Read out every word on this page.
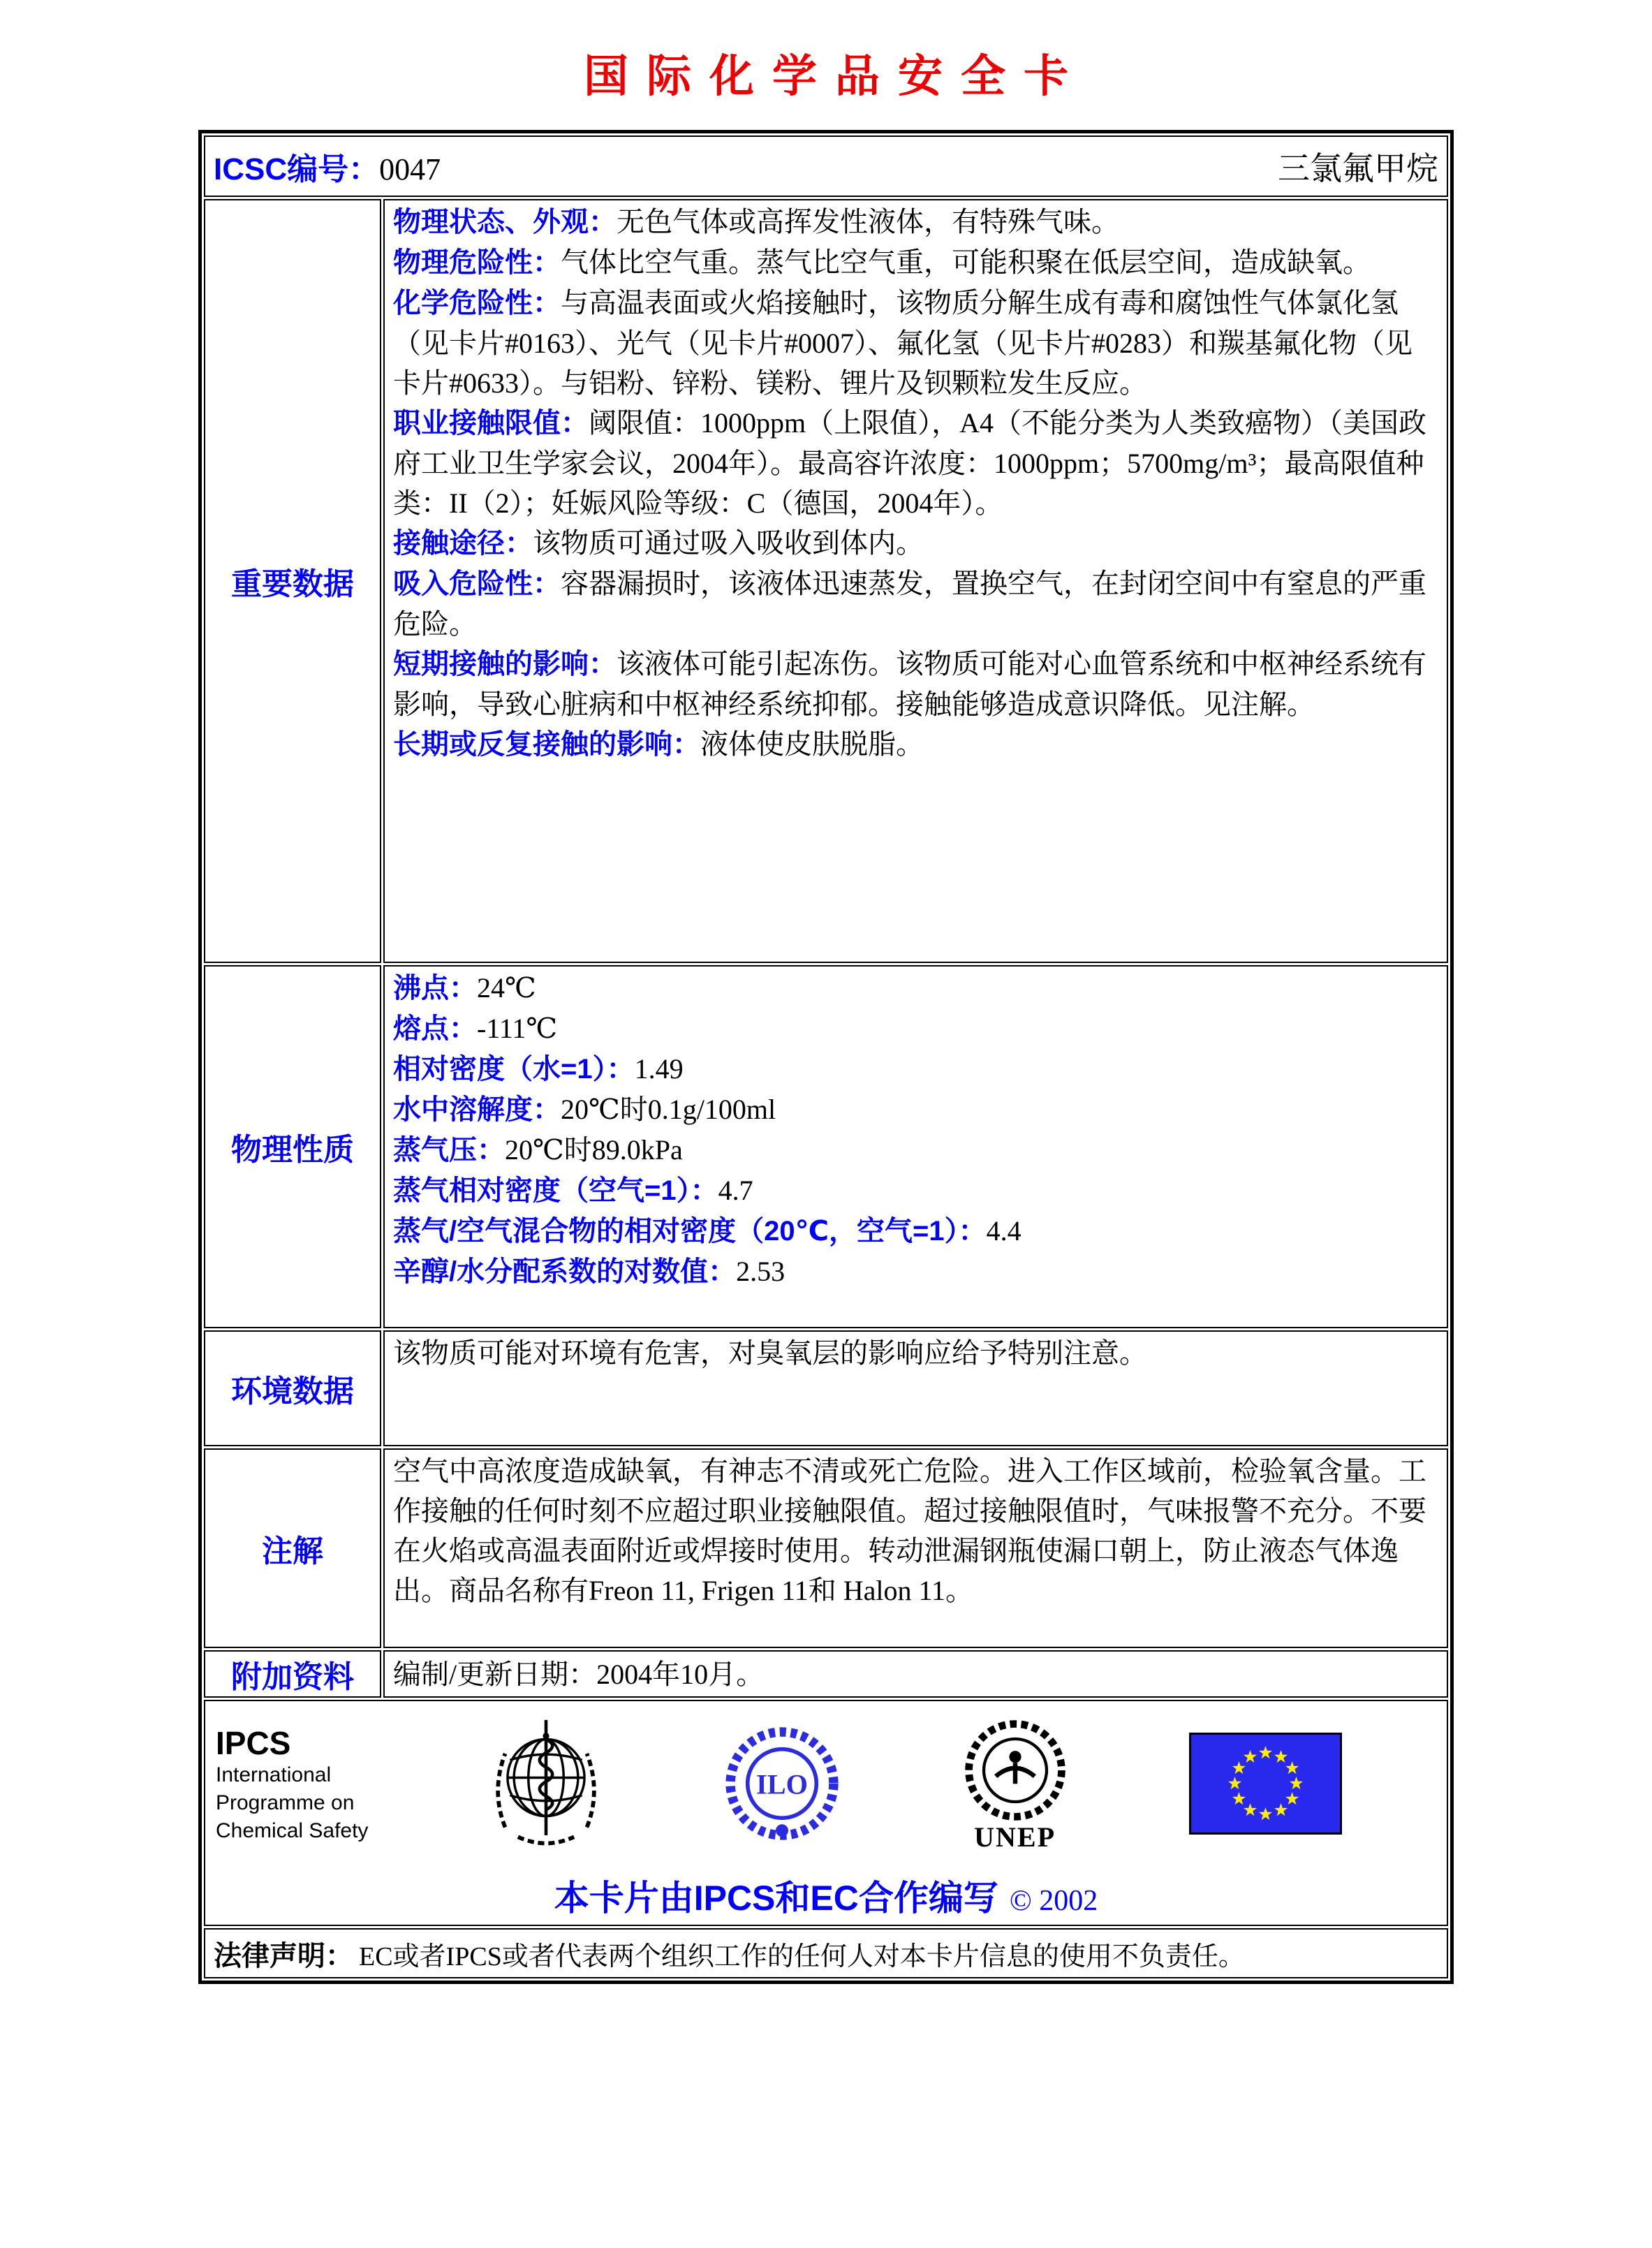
国际化学品安全卡
ICSC编号：0047	三氯氟甲烷
重要数据
物理状态、外观：无色气体或高挥发性液体，有特殊气味。
物理危险性：气体比空气重。蒸气比空气重，可能积聚在低层空间，造成缺氧。
化学危险性：与高温表面或火焰接触时，该物质分解生成有毒和腐蚀性气体氯化氢（见卡片#0163）、光气（见卡片#0007）、氟化氢（见卡片#0283）和羰基氟化物（见卡片#0633）。与铝粉、锌粉、镁粉、锂片及钡颗粒发生反应。
职业接触限值：阈限值：1000ppm（上限值），A4（不能分类为人类致癌物）（美国政府工业卫生学家会议，2004年）。最高容许浓度：1000ppm；5700mg/m³；最高限值种类：II（2）；妊娠风险等级：C（德国，2004年）。
接触途径：该物质可通过吸入吸收到体内。
吸入危险性：容器漏损时，该液体迅速蒸发，置换空气，在封闭空间中有窒息的严重危险。
短期接触的影响：该液体可能引起冻伤。该物质可能对心血管系统和中枢神经系统有影响，导致心脏病和中枢神经系统抑郁。接触能够造成意识降低。见注解。
长期或反复接触的影响：液体使皮肤脱脂。
物理性质
沸点：24℃
熔点：-111℃
相对密度（水=1）：1.49
水中溶解度：20℃时0.1g/100ml
蒸气压：20℃时89.0kPa
蒸气相对密度（空气=1）：4.7
蒸气/空气混合物的相对密度（20℃，空气=1）：4.4
辛醇/水分配系数的对数值：2.53
环境数据
该物质可能对环境有危害，对臭氧层的影响应给予特别注意。
注解
空气中高浓度造成缺氧，有神志不清或死亡危险。进入工作区域前，检验氧含量。工作接触的任何时刻不应超过职业接触限值。超过接触限值时，气味报警不充分。不要在火焰或高温表面附近或焊接时使用。转动泄漏钢瓶使漏口朝上，防止液态气体逸出。商品名称有Freon 11, Frigen 11和 Halon 11。
附加资料 编制/更新日期：2004年10月。
IPCS
International
Programme on
Chemical Safety
ILO
UNEP
本卡片由IPCS和EC合作编写 © 2002
法律声明： EC或者IPCS或者代表两个组织工作的任何人对本卡片信息的使用不负责任。
